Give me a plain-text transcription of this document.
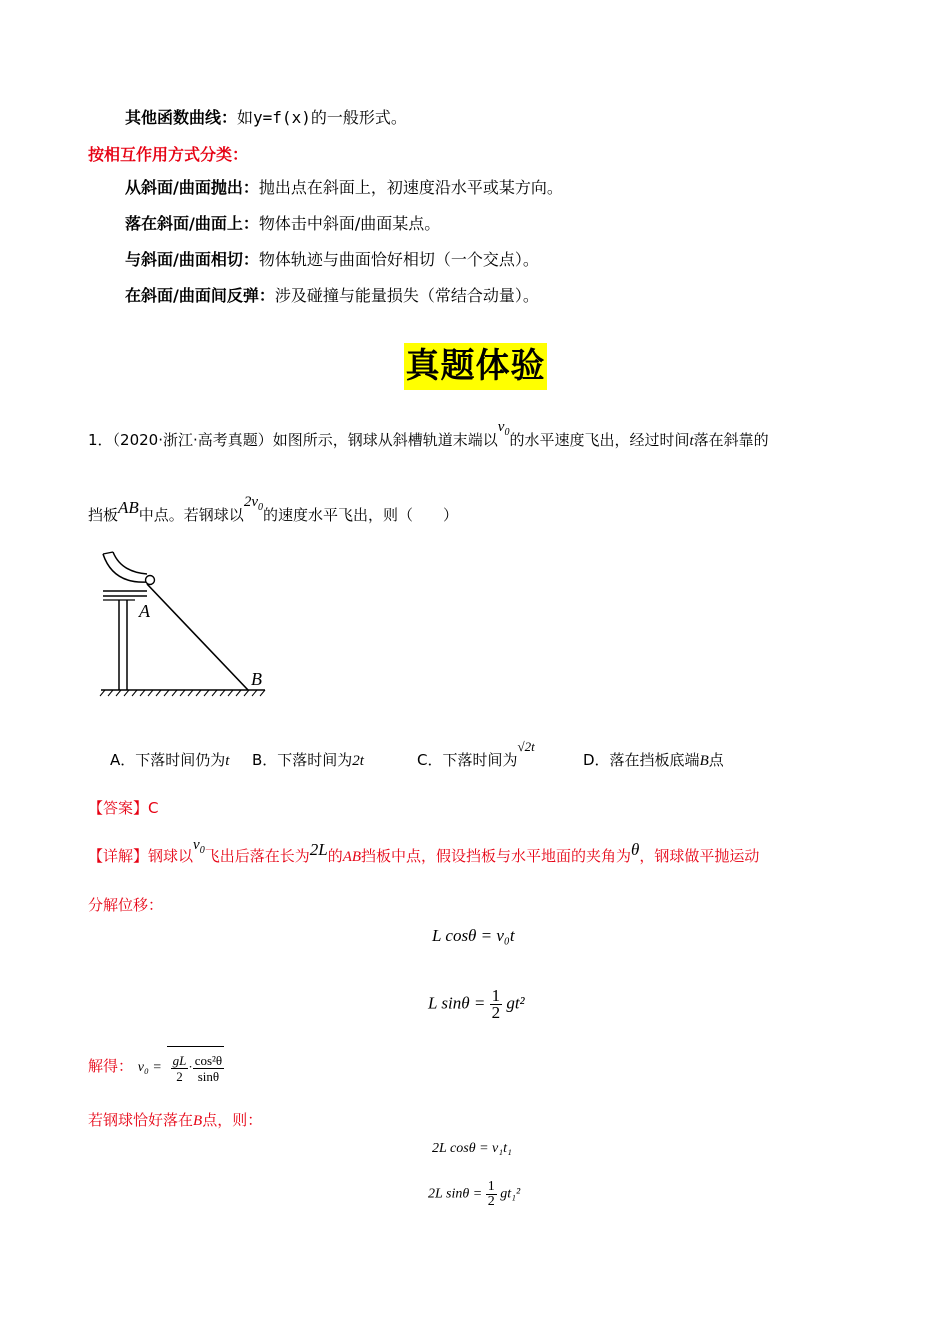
其他函数曲线：如y=f(x)的一般形式。
按相互作用方式分类：
从斜面/曲面抛出：抛出点在斜面上，初速度沿水平或某方向。
落在斜面/曲面上：物体击中斜面/曲面某点。
与斜面/曲面相切：物体轨迹与曲面恰好相切（一个交点）。
在斜面/曲面间反弹：涉及碰撞与能量损失（常结合动量）。
真题体验
1．（2020·浙江·高考真题）如图所示，钢球从斜槽轨道末端以$v_0$的水平速度飞出，经过时间t落在斜靠的
挡板AB中点。若钢球以$2v_0$的速度水平飞出，则（　　）
A
B
A．下落时间仍为t B．下落时间为2t	C．下落时间为√2t
D．落在挡板底端B点
【答案】C
【详解】钢球以$v_0$飞出后落在长为2L的AB挡板中点，假设挡板与水平地面的夹角为θ，钢球做平抛运动
分解位移：
L cosθ = v₀t
L $\sin\theta = \frac{1}{2} gt^2$
解得： $v_0 = \frac{gL}{2} \cdot \frac{\text{cos²θ}}{\sin\theta}$
若钢球恰好落在B点，则：
2L cosθ = v₁t₁
2L $\sin\theta = \frac{1}{2} gt_1^2$
